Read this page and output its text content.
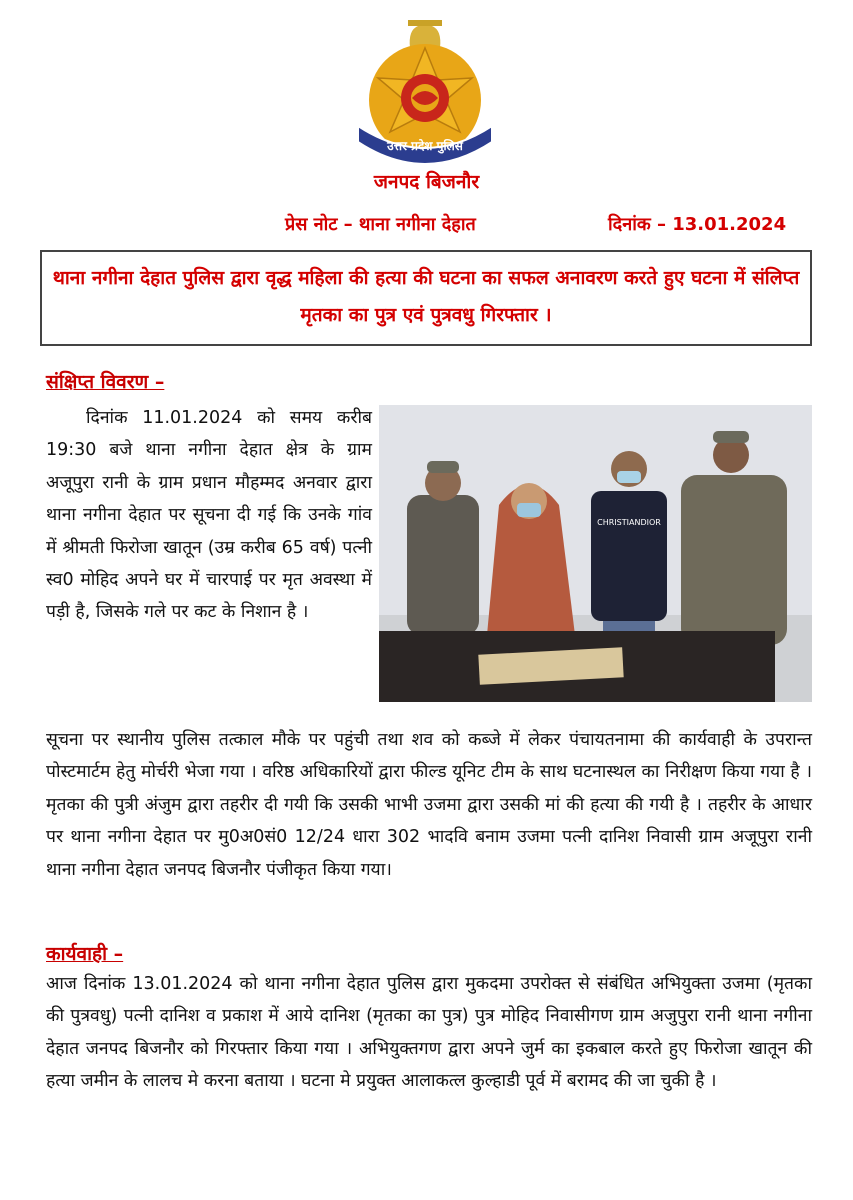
उत्तर प्रदेश पुलिस
जनपद बिजनौर
प्रेस नोट – थाना नगीना देहात	दिनांक – 13.01.2024
थाना नगीना देहात पुलिस द्वारा वृद्ध महिला की हत्या की घटना का सफल अनावरण करते हुए घटना में संलिप्त मृतका का पुत्र एवं पुत्रवधु गिरफ्तार ।
संक्षिप्त विवरण –
दिनांक 11.01.2024 को समय करीब 19:30 बजे थाना नगीना देहात क्षेत्र के ग्राम अजूपुरा रानी के ग्राम प्रधान मौहम्मद अनवार द्वारा थाना नगीना देहात पर सूचना दी गई कि उनके गांव में श्रीमती फिरोजा खातून (उम्र करीब 65 वर्ष) पत्नी स्व0 मोहिद अपने घर में चारपाई पर मृत अवस्था में पड़ी है, जिसके गले पर कट के निशान है ।
CHRISTIANDIOR
सूचना पर स्थानीय पुलिस तत्काल मौके पर पहुंची तथा शव को कब्जे में लेकर पंचायतनामा की कार्यवाही के उपरान्त पोस्टमार्टम हेतु मोर्चरी भेजा गया । वरिष्ठ अधिकारियों द्वारा फील्ड यूनिट टीम के साथ घटनास्थल का निरीक्षण किया गया है । मृतका की पुत्री अंजुम द्वारा तहरीर दी गयी कि उसकी भाभी उजमा द्वारा उसकी मां की हत्या की गयी है । तहरीर के आधार पर थाना नगीना देहात पर मु0अ0सं0 12/24 धारा 302 भादवि बनाम उजमा पत्नी दानिश निवासी ग्राम अजूपुरा रानी थाना नगीना देहात जनपद बिजनौर पंजीकृत किया गया।
कार्यवाही –
आज दिनांक 13.01.2024 को थाना नगीना देहात पुलिस द्वारा मुकदमा उपरोक्त से संबंधित अभियुक्ता उजमा (मृतका की पुत्रवधु) पत्नी दानिश व प्रकाश में आये दानिश (मृतका का पुत्र) पुत्र मोहिद निवासीगण ग्राम अजुपुरा रानी थाना नगीना देहात जनपद बिजनौर को गिरफ्तार किया गया । अभियुक्तगण द्वारा अपने जुर्म का इकबाल करते हुए फिरोजा खातून की हत्या जमीन के लालच मे करना बताया । घटना मे प्रयुक्त आलाकत्ल कुल्हाडी पूर्व में बरामद की जा चुकी है ।
